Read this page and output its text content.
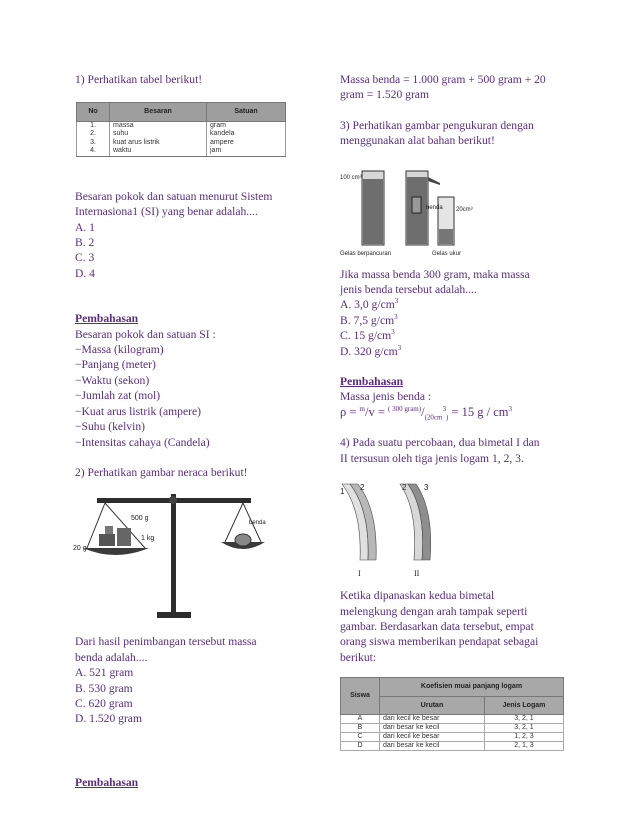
1) Perhatikan tabel berikut!

No	Besaran	Satuan
1.	massa	gram
2.	suhu	kandela
3.	kuat arus listrik	ampere
4.	waktu	jam

Besaran pokok dan satuan menurut Sistem

Internasiona1 (SI) yang benar adalah....

A. 1

B. 2

C. 3

D. 4

Pembahasan

Besaran pokok dan satuan SI :

−Massa (kilogram)

−Panjang (meter)

−Waktu (sekon)

−Jumlah zat (mol)

−Kuat arus listrik (ampere)

−Suhu (kelvin)

−Intensitas cahaya (Candela)

2) Perhatikan gambar neraca berikut!

20 g
500 g
1 kg
benda

Dari hasil penimbangan tersebut massa

benda adalah....

A. 521 gram

B. 530 gram

C. 620 gram

D. 1.520 gram

Pembahasan

Massa benda = 1.000 gram + 500 gram + 20

gram = 1.520 gram

3) Perhatikan gambar pengukuran dengan

menggunakan alat bahan berikut!

100 cm³
benda 20cm³
Gelas berpancuran	Gelas ukur

Jika massa benda 300 gram, maka massa

jenis benda tersebut adalah....

A. 3,0 $g/cm^3$

B. 7,5 $g/cm^3$

C. 15 $g/cm^3$

D. 320 $g/cm^3$

Pembahasan

Massa jenis benda :

$\rho = ^m/v = ^{( 300 gram)}/_{(20cm}^3_) = 15$ g / $cm^3$

4) Pada suatu percobaan, dua bimetal I dan

II tersusun oleh tiga jenis logam 1, 2, 3.

1 2	2 3
I	II

Ketika dipanaskan kedua bimetal

melengkung dengan arah tampak seperti

gambar. Berdasarkan data tersebut, empat

orang siswa memberikan pendapat sebagai

berikut:

Siswa	Koefisien muai panjang logam	
	Urutan	Jenis Logam
A	dari kecil ke besar	3, 2, 1
B	dari besar ke kecil	3, 2, 1
C	dari kecil ke besar	1, 2, 3
D	dari besar ke kecil	2, 1, 3
